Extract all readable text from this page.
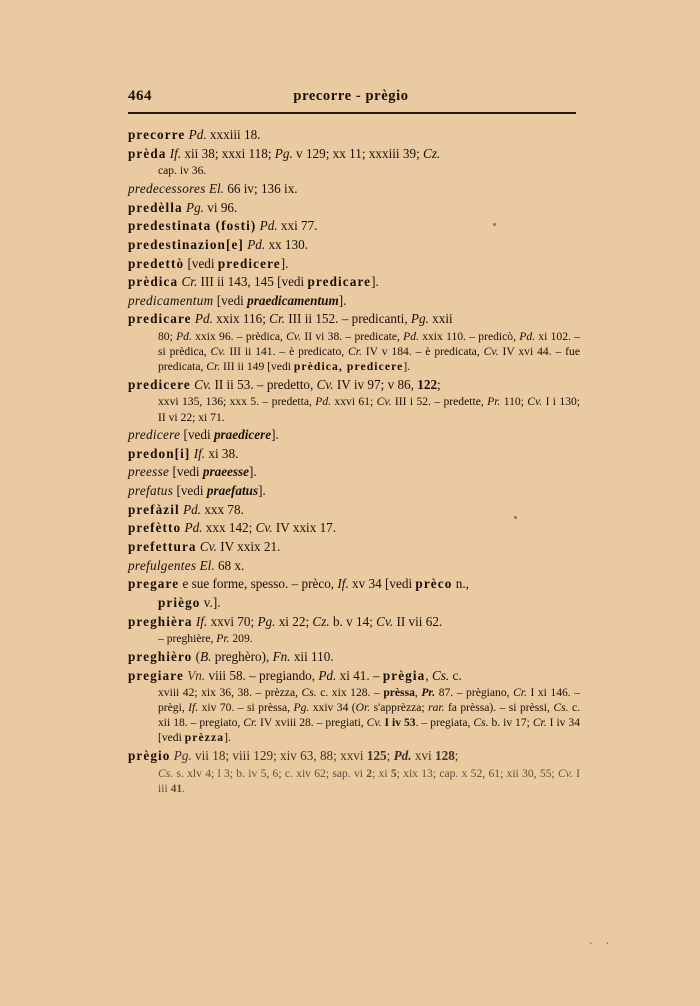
464	precorre - prègio

precorre Pd. xxxiii 18.

prèda If. xii 38; xxxi 118; Pg. v 129; xx 11; xxxiii 39; Cz.

cap. iv 36.

predecessores El. 66 iv; 136 ix.

predèlla Pg. vi 96.

predestinata (fosti) Pd. xxi 77.

predestinazion[e] Pd. xx 130.

predettò [vedi predicere].

prèdica Cr. III ii 143, 145 [vedi predicare].

predicamentum [vedi praedicamentum].

predicare Pd. xxix 116; Cr. III ii 152. – predicanti, Pg. xxii

80; Pd. xxix 96. – prèdica, Cv. II vi 38. – predicate, Pd. xxix 110. – predicò, Pd. xi 102. – si prèdica, Cv. III ii 141. – è predicato, Cr. IV v 184. – è predicata, Cv. IV xvi 44. – fue predicata, Cr. III ii 149 [vedi prèdica, predicere].

predicere Cv. II ii 53. – predetto, Cv. IV iv 97; v 86, 122;

xxvi 135, 136; xxx 5. – predetta, Pd. xxvi 61; Cv. III i 52. – predette, Pr. 110; Cv. I i 130; II vi 22; xi 71.

predicere [vedi praedicere].

predon[i] If. xi 38.

preesse [vedi praeesse].

prefatus [vedi praefatus].

prefàzil Pd. xxx 78.

prefètto Pd. xxx 142; Cv. IV xxix 17.

prefettura Cv. IV xxix 21.

prefulgentes El. 68 x.

pregare e sue forme, spesso. – prèco, If. xv 34 [vedi prèco n.,

priègo v.].

preghièra If. xxvi 70; Pg. xi 22; Cz. b. v 14; Cv. II vii 62.

– preghière, Pr. 209.

preghièro (B. preghèro), Fn. xii 110.

pregiare Vn. viii 58. – pregiando, Pd. xi 41. – prègia, Cs. c.

xviii 42; xix 36, 38. – prèzza, Cs. c. xix 128. – prèssa, Pr. 87. – prègiano, Cr. I xi 146. – prègi, If. xiv 70. – si prèssa, Pg. xxiv 34 (Or. s'apprèzza; rar. fa prèssa). – si prèssi, Cs. c. xii 18. – pregiato, Cr. IV xviii 28. – pregiati, Cv. I iv 53. – pregiata, Cs. b. iv 17; Cr. I iv 34 [vedi prèzza].

prègio Pg. vii 18; viii 129; xiv 63, 88; xxvi 125; Pd. xvi 128;

Cs. s. xlv 4; l 3; b. iv 5, 6; c. xiv 62; sap. vi 2; xi 5; xix 13; cap. x 52, 61; xii 30, 55; Cv. I iii 41.

. .
